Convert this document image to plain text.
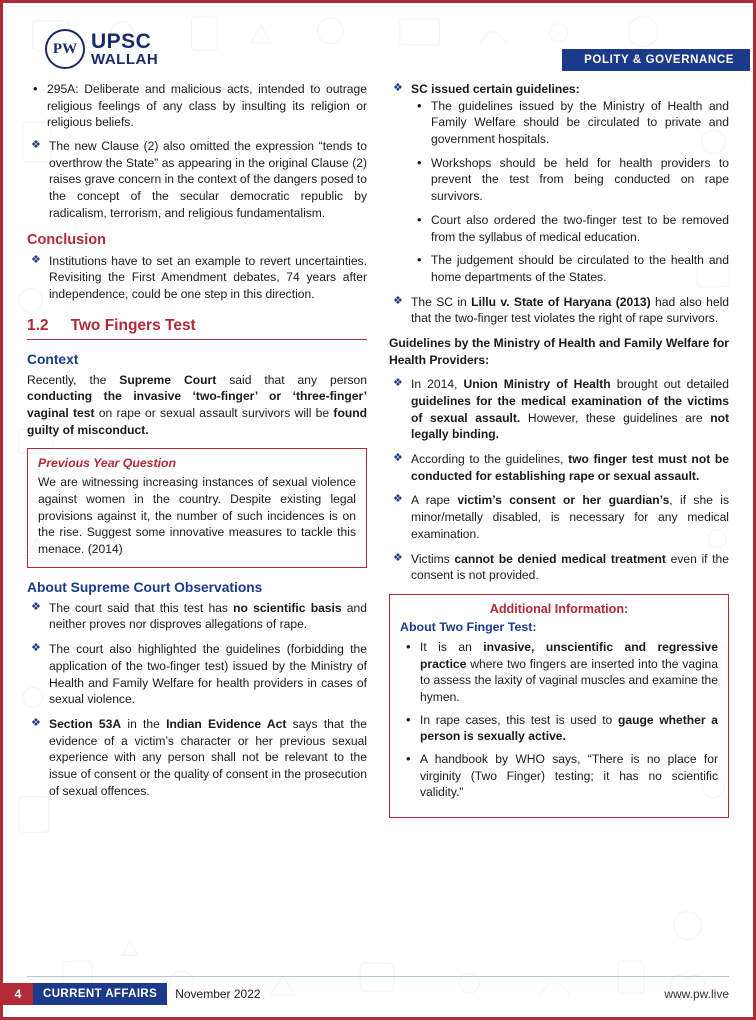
PW UPSC
WALLAH	POLITY & GOVERNANCE
• 295A: Deliberate and malicious acts, intended to outrage religious feelings of any class by insulting its religion or religious beliefs.
❖ The new Clause (2) also omitted the expression “tends to overthrow the State” as appearing in the original Clause (2) raises grave concern in the context of the dangers posed to the concept of the secular democratic republic by radicalism, terrorism, and religious fundamentalism.
Conclusion
❖ Institutions have to set an example to revert uncertainties. Revisiting the First Amendment debates, 74 years after independence, could be one step in this direction.
1.2 Two Fingers Test
Context

Recently, the Supreme Court said that any person conducting the invasive ‘two-finger’ or ‘three-finger’ vaginal test on rape or sexual assault survivors will be found guilty of misconduct.

Previous Year Question
We are witnessing increasing instances of sexual violence against women in the country. Despite existing legal provisions against it, the number of such incidences is on the rise. Suggest some innovative measures to tackle this menace. (2014)
About Supreme Court Observations
❖ The court said that this test has no scientific basis and neither proves nor disproves allegations of rape.
❖ The court also highlighted the guidelines (forbidding the application of the two-finger test) issued by the Ministry of Health and Family Welfare for health providers in cases of sexual violence.
❖ Section 53A in the Indian Evidence Act says that the evidence of a victim’s character or her previous sexual experience with any person shall not be relevant to the issue of consent or the quality of consent in the prosecution of sexual offences.
❖ SC issued certain guidelines:
• The guidelines issued by the Ministry of Health and Family Welfare should be circulated to private and government hospitals.
• Workshops should be held for health providers to prevent the test from being conducted on rape survivors.
• Court also ordered the two-finger test to be removed from the syllabus of medical education.
• The judgement should be circulated to the health and home departments of the States.
❖ The SC in Lillu v. State of Haryana (2013) had also held that the two-finger test violates the right of rape survivors.

Guidelines by the Ministry of Health and Family Welfare for Health Providers:

❖ In 2014, Union Ministry of Health brought out detailed guidelines for the medical examination of the victims of sexual assault. However, these guidelines are not legally binding.
❖ According to the guidelines, two finger test must not be conducted for establishing rape or sexual assault.
❖ A rape victim’s consent or her guardian’s, if she is minor/metally disabled, is necessary for any medical examination.
❖ Victims cannot be denied medical treatment even if the consent is not provided.
Additional Information:
About Two Finger Test:
• It is an invasive, unscientific and regressive practice where two fingers are inserted into the vagina to assess the laxity of vaginal muscles and examine the hymen.
• In rape cases, this test is used to gauge whether a person is sexually active.
• A handbook by WHO says, “There is no place for virginity (Two Finger) testing; it has no scientific validity.”
4	CURRENT AFFAIRS	November 2022	www.pw.live
